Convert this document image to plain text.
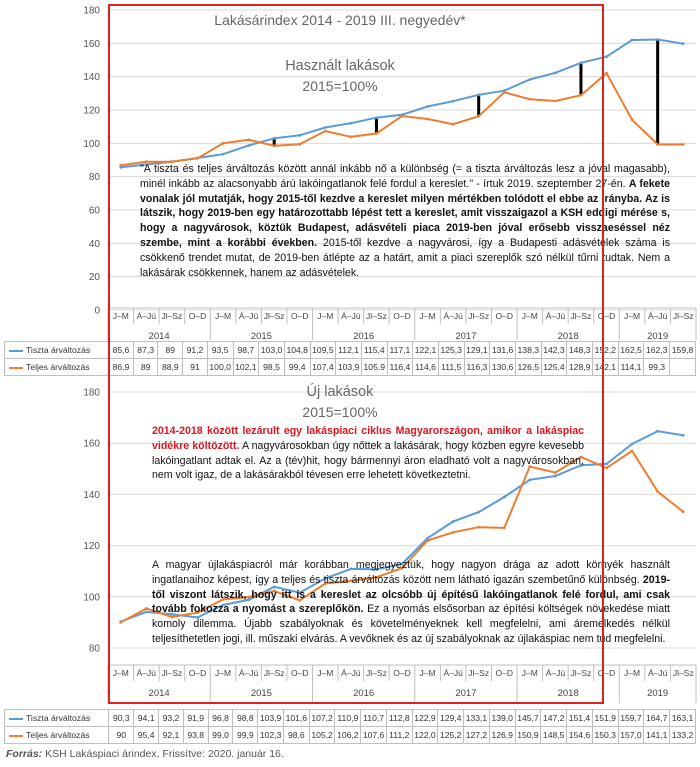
0
20
40
60
80
100
120
140
160
180
Lakásárindex 2014 - 2019 III. negyedév*
Használt lakások
2015=100%
J–M Á–Jú Jl–Sz O–D J–M Á–Jú Jl–Sz O–D J–M Á–Jú Jl–Sz O–D J–M Á–Jú Jl–Sz O–D J–M Á–Jú Jl–Sz O–D J–M Á–Jú Jl–Sz
2014	2015	2016	2017	2018	2019
"A tiszta és teljes árváltozás között annál inkább nő a különbség (= a tiszta árváltozás lesz a jóval magasabb), minél inkább az alacsonyabb árú lakóingatlanok felé fordul a kereslet." - írtuk 2019. szeptember 27-én. A fekete vonalak jól mutatják, hogy 2015-től kezdve a kereslet milyen mértékben tolódott el ebbe az irányba. Az is látszik, hogy 2019-ben egy határozottabb lépést tett a kereslet, amit visszaigazol a KSH eddigi mérése s, hogy a nagyvárosok, köztük Budapest, adásvételi piaca 2019-ben jóval erősebb visszaeséssel néz szembe, mint a korábbi években. 2015-től kezdve a nagyvárosi, így a Budapesti adásvételek száma is csökkenő trendet mutat, de 2019-ben átlépte az a határt, amit a piaci szereplők szó nélkül tűrni tudtak. Nem a lakásárak csökkennek, hanem az adásvételek.
Tiszta árváltozás	85,6	87,3	89	91,2	93,5	98,7	103,0	104,8	109,5	112,1	115,4	117,1	122,1	125,3	129,1	131,6	138,3	142,3	148,3	152,2	162,5	162,3	159,8
Teljes árváltozás	86,9	89	88,9	91	100,0	102,1	98,5	99,4	107,4	103,9	105,9	116,4	114,6	111,5	116,3	130,6	126,5	125,4	128,9	142,1	114,1	99,3	
80
100
120
140
160
180	Új lakások
2015=100%
J–M Á–Jú Jl–Sz O–D J–M Á–Jú Jl–Sz O–D J–M Á–Jú Jl–Sz O–D J–M Á–Jú Jl–Sz O–D J–M Á–Jú Jl–Sz O–D J–M Á–Jú Jl–Sz
2014	2015	2016	2017	2018	2019
2014-2018 között lezárult egy lakáspiaci ciklus Magyarországon, amikor a lakáspiac vidékre költözött. A nagyvárosokban úgy nőttek a lakásárak, hogy közben egyre kevesebb lakóingatlant adtak el. Az a (tév)hit, hogy bármennyi áron eladható volt a nagyvárosokban, nem volt igaz, de a lakásárakból tévesen erre lehetett következtetni.
A magyar újlakáspiacról már korábban megjegyeztük, hogy nagyon drága az adott környék használt ingatlanaihoz képest, így a teljes és tiszta árváltozás között nem látható igazán szembetűnő különbség. 2019-től viszont látszik, hogy itt is a kereslet az olcsóbb új építésű lakóingatlanok felé fordul, ami csak tovább fokozza a nyomást a szereplőkön. Ez a nyomás elsősorban az építési költségek növekedése miatt komoly dilemma. Újabb szabályoknak és követelményeknek kell megfelelni, ami áremelkedés nélkül teljesíthetetlen jogi, ill. műszaki elvárás. A vevőknek és az új szabályoknak az újlakáspiac nem tud megfelelni.
Tiszta árváltozás	90,3	94,1	93,2	91,9	96,8	98,8	103,9	101,6	107,2	110,9	110,7	112,8	122,9	129,4	133,1	139,0	145,7	147,2	151,4	151,9	159,7	164,7	163,1
Teljes árváltozás	90	95,4	92,1	93,8	99,0	99,9	102,3	98,6	105,2	106,2	107,6	111,2	122,0	125,2	127,2	126,9	150,9	148,5	154,6	150,3	157,0	141,1	133,2
Forrás: KSH Lakáspiaci árindex, Frissítve: 2020. január 16.
